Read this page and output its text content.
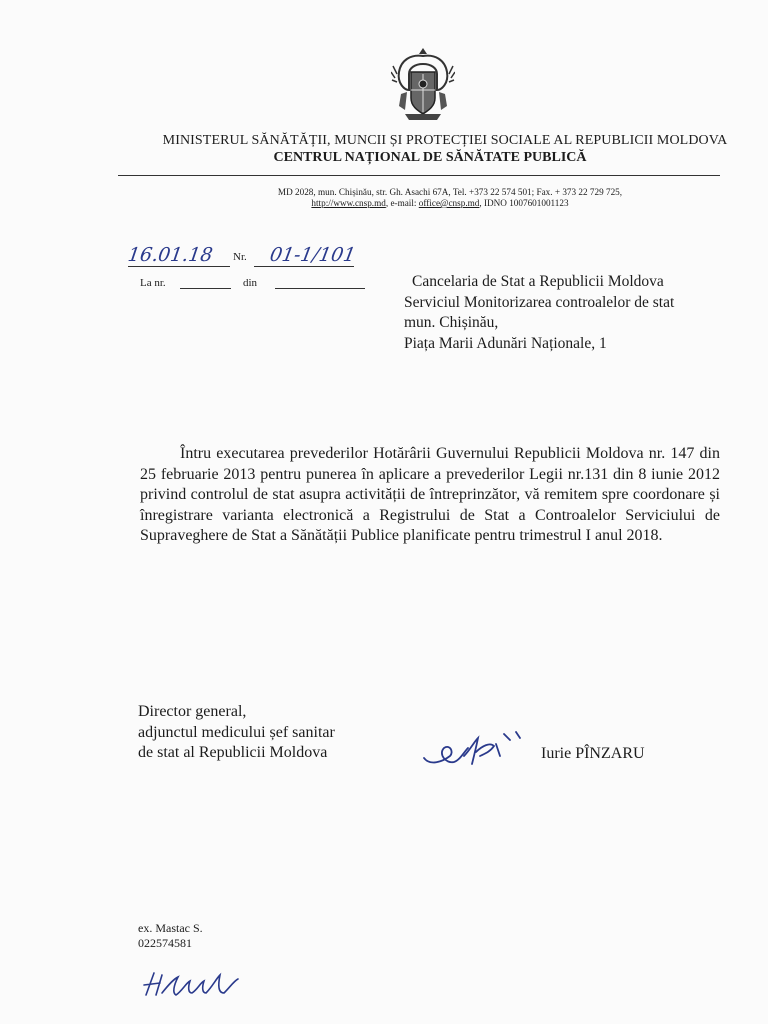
MINISTERUL SĂNĂTĂȚII, MUNCII ȘI PROTECȚIEI SOCIALE AL REPUBLICII MOLDOVA
CENTRUL NAȚIONAL DE SĂNĂTATE PUBLICĂ
MD 2028, mun. Chișinău, str. Gh. Asachi 67A, Tel. +373 22 574 501; Fax. + 373 22 729 725,
http://www.cnsp.md, e-mail: office@cnsp.md, IDNO 1007601001123
16.01.18 Nr. 01-1/101
La nr.	din	Cancelaria de Stat a Republicii Moldova
Serviciul Monitorizarea controalelor de stat
mun. Chișinău,
Piața Marii Adunări Naționale, 1
Întru executarea prevederilor Hotărârii Guvernului Republicii Moldova nr. 147 din 25 februarie 2013 pentru punerea în aplicare a prevederilor Legii nr.131 din 8 iunie 2012 privind controlul de stat asupra activității de întreprinzător, vă remitem spre coordonare și înregistrare varianta electronică a Registrului de Stat a Controalelor Serviciului de Supraveghere de Stat a Sănătății Publice planificate pentru trimestrul I anul 2018.
Director general,
adjunctul medicului șef sanitar
de stat al Republicii Moldova	Iurie PÎNZARU
ex. Mastac S.
022574581
